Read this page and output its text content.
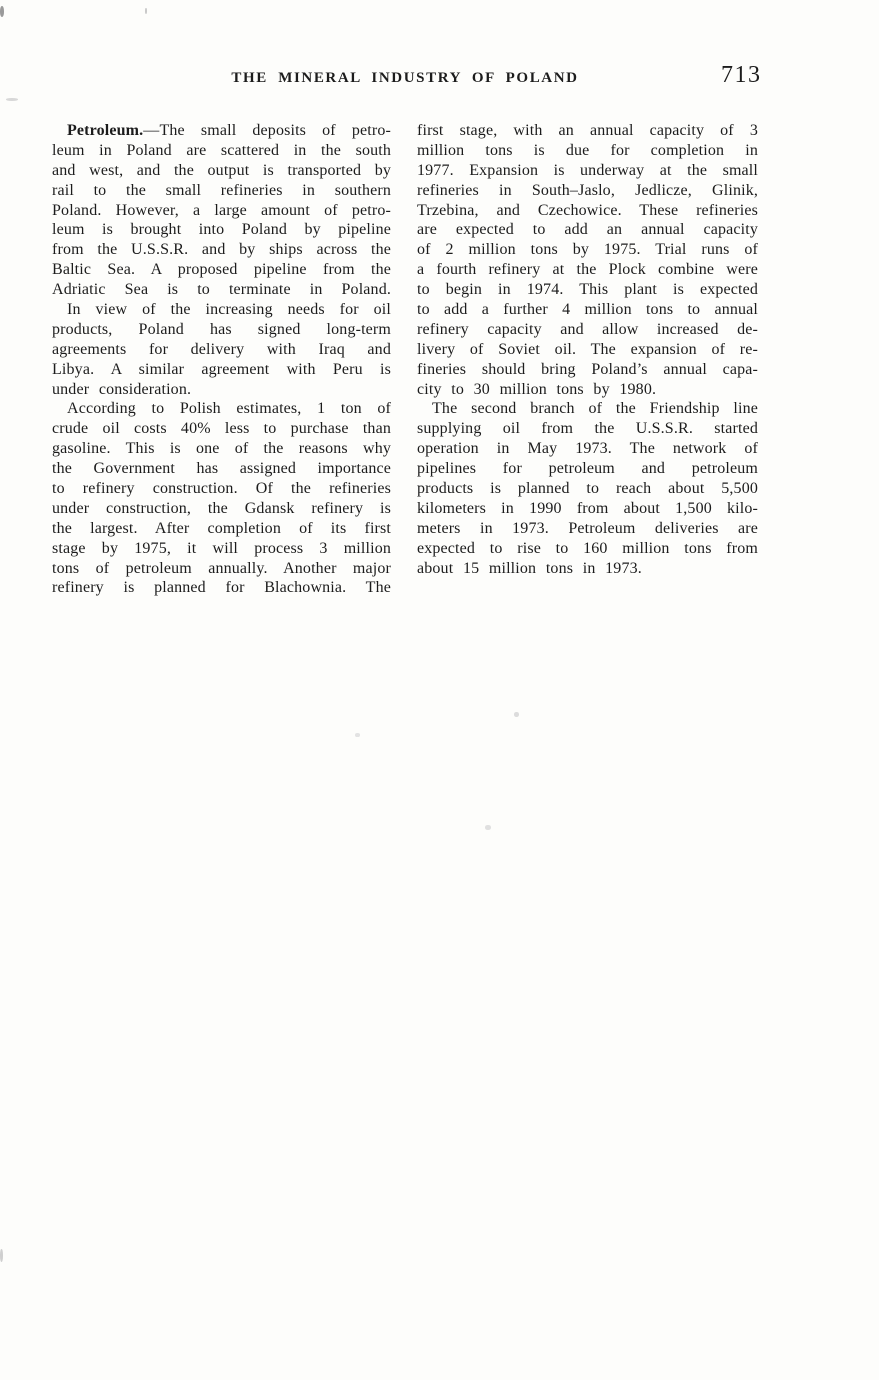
THE MINERAL INDUSTRY OF POLAND	713
Petroleum.—The small deposits of petro-
leum in Poland are scattered in the south
and west, and the output is transported by
rail to the small refineries in southern
Poland. However, a large amount of petro-
leum is brought into Poland by pipeline
from the U.S.S.R. and by ships across the
Baltic Sea. A proposed pipeline from the
Adriatic Sea is to terminate in Poland.
In view of the increasing needs for oil
products, Poland has signed long-term
agreements for delivery with Iraq and
Libya. A similar agreement with Peru is
under consideration.
According to Polish estimates, 1 ton of
crude oil costs 40% less to purchase than
gasoline. This is one of the reasons why
the Government has assigned importance
to refinery construction. Of the refineries
under construction, the Gdansk refinery is
the largest. After completion of its first
stage by 1975, it will process 3 million
tons of petroleum annually. Another major
refinery is planned for Blachownia. The
first stage, with an annual capacity of 3
million tons is due for completion in
1977. Expansion is underway at the small
refineries in South–Jaslo, Jedlicze, Glinik,
Trzebina, and Czechowice. These refineries
are expected to add an annual capacity
of 2 million tons by 1975. Trial runs of
a fourth refinery at the Plock combine were
to begin in 1974. This plant is expected
to add a further 4 million tons to annual
refinery capacity and allow increased de-
livery of Soviet oil. The expansion of re-
fineries should bring Poland’s annual capa-
city to 30 million tons by 1980.
The second branch of the Friendship line
supplying oil from the U.S.S.R. started
operation in May 1973. The network of
pipelines for petroleum and petroleum
products is planned to reach about 5,500
kilometers in 1990 from about 1,500 kilo-
meters in 1973. Petroleum deliveries are
expected to rise to 160 million tons from
about 15 million tons in 1973.
